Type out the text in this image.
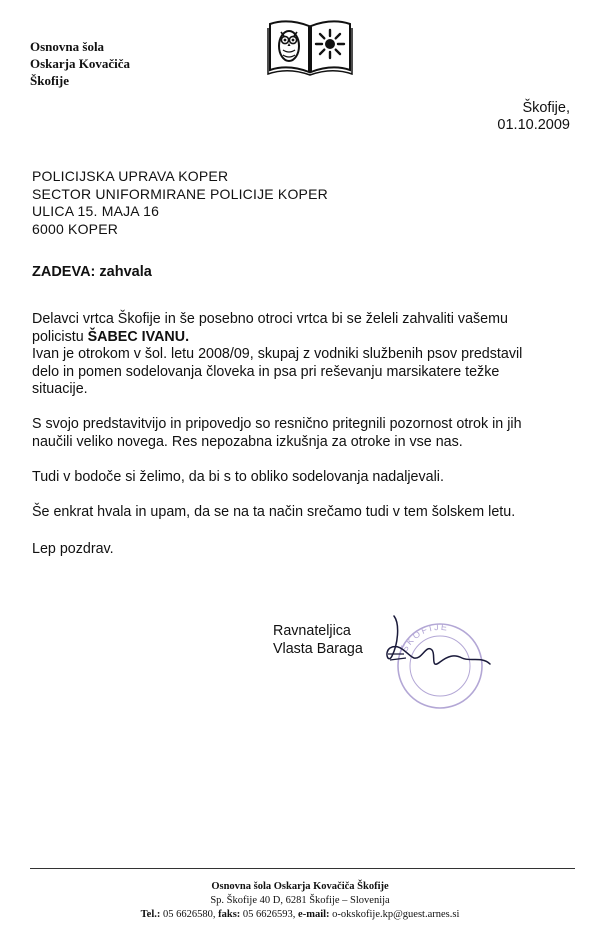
Osnovna šola
Oskarja Kovačiča
Škofije
Škofije,
01.10.2009
POLICIJSKA UPRAVA KOPER
SECTOR UNIFORMIRANE POLICIJE KOPER
ULICA 15. MAJA 16
6000 KOPER
ZADEVA: zahvala

Delavci vrtca Škofije in še posebno otroci vrtca bi se želeli zahvaliti vašemu
policistu ŠABEC IVANU.
Ivan je otrokom v šol. letu 2008/09, skupaj z vodniki službenih psov predstavil
delo in pomen sodelovanja človeka in psa pri reševanju marsikatere težke
situacije.

S svojo predstavitvijo in pripovedjo so resnično pritegnili pozornost otrok in jih
naučili veliko novega. Res nepozabna izkušnja za otroke in vse nas.

Tudi v bodoče si želimo, da bi s to obliko sodelovanja nadaljevali.

Še enkrat hvala in upam, da se na ta način srečamo tudi v tem šolskem letu.

Lep pozdrav.
Ravnateljica
Vlasta Baraga	ŠKOFIJE
Osnovna šola Oskarja Kovačiča Škofije
Sp. Škofije 40 D, 6281 Škofije – Slovenija
Tel.: 05 6626580, faks: 05 6626593, e-mail: o-okskofije.kp@guest.arnes.si
